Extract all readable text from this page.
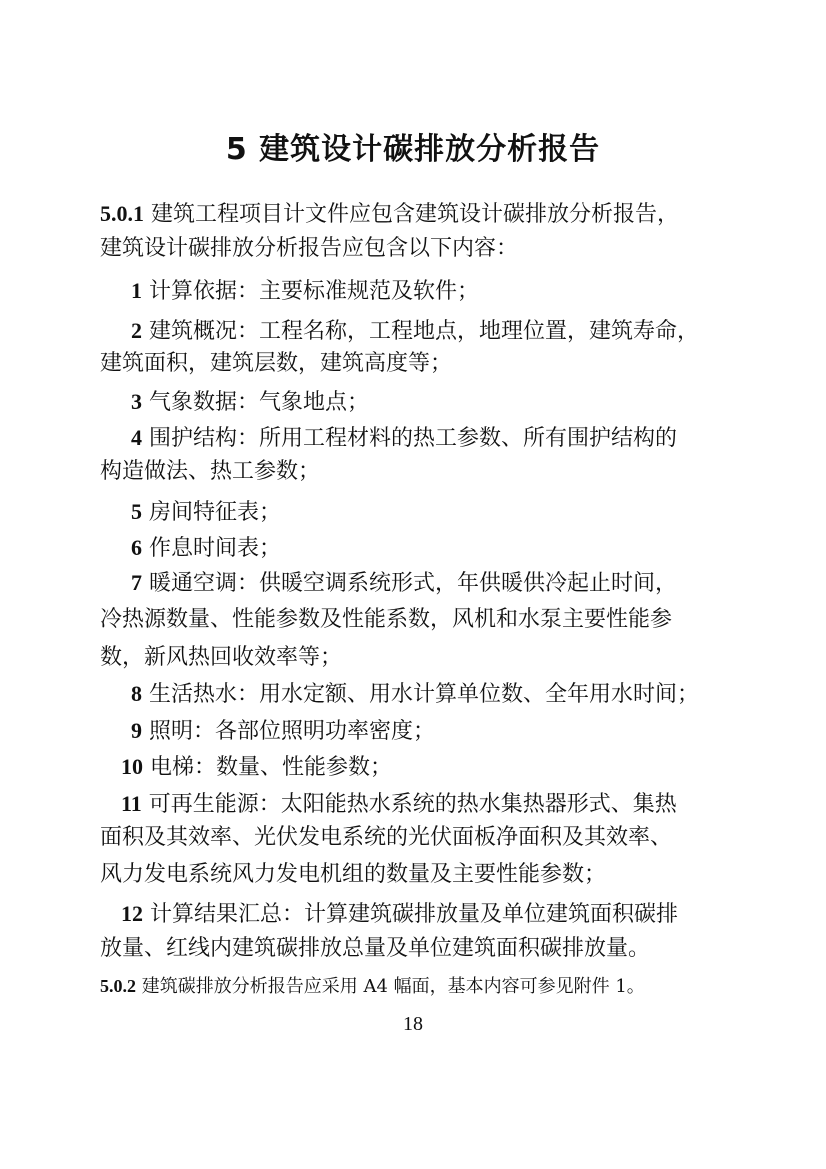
5 建筑设计碳排放分析报告
5.0.1 建筑工程项目计文件应包含建筑设计碳排放分析报告，
建筑设计碳排放分析报告应包含以下内容：
1 计算依据：主要标准规范及软件；
2 建筑概况：工程名称，工程地点，地理位置，建筑寿命，
建筑面积，建筑层数，建筑高度等；
3 气象数据：气象地点；
4 围护结构：所用工程材料的热工参数、所有围护结构的
构造做法、热工参数；
5 房间特征表；
6 作息时间表；
7 暖通空调：供暖空调系统形式，年供暖供冷起止时间，
冷热源数量、性能参数及性能系数，风机和水泵主要性能参
数，新风热回收效率等；
8 生活热水：用水定额、用水计算单位数、全年用水时间；
9 照明：各部位照明功率密度；
10 电梯：数量、性能参数；
11 可再生能源：太阳能热水系统的热水集热器形式、集热
面积及其效率、光伏发电系统的光伏面板净面积及其效率、
风力发电系统风力发电机组的数量及主要性能参数；
12 计算结果汇总：计算建筑碳排放量及单位建筑面积碳排
放量、红线内建筑碳排放总量及单位建筑面积碳排放量。
5.0.2 建筑碳排放分析报告应采用 A4 幅面，基本内容可参见附件 1。
18
